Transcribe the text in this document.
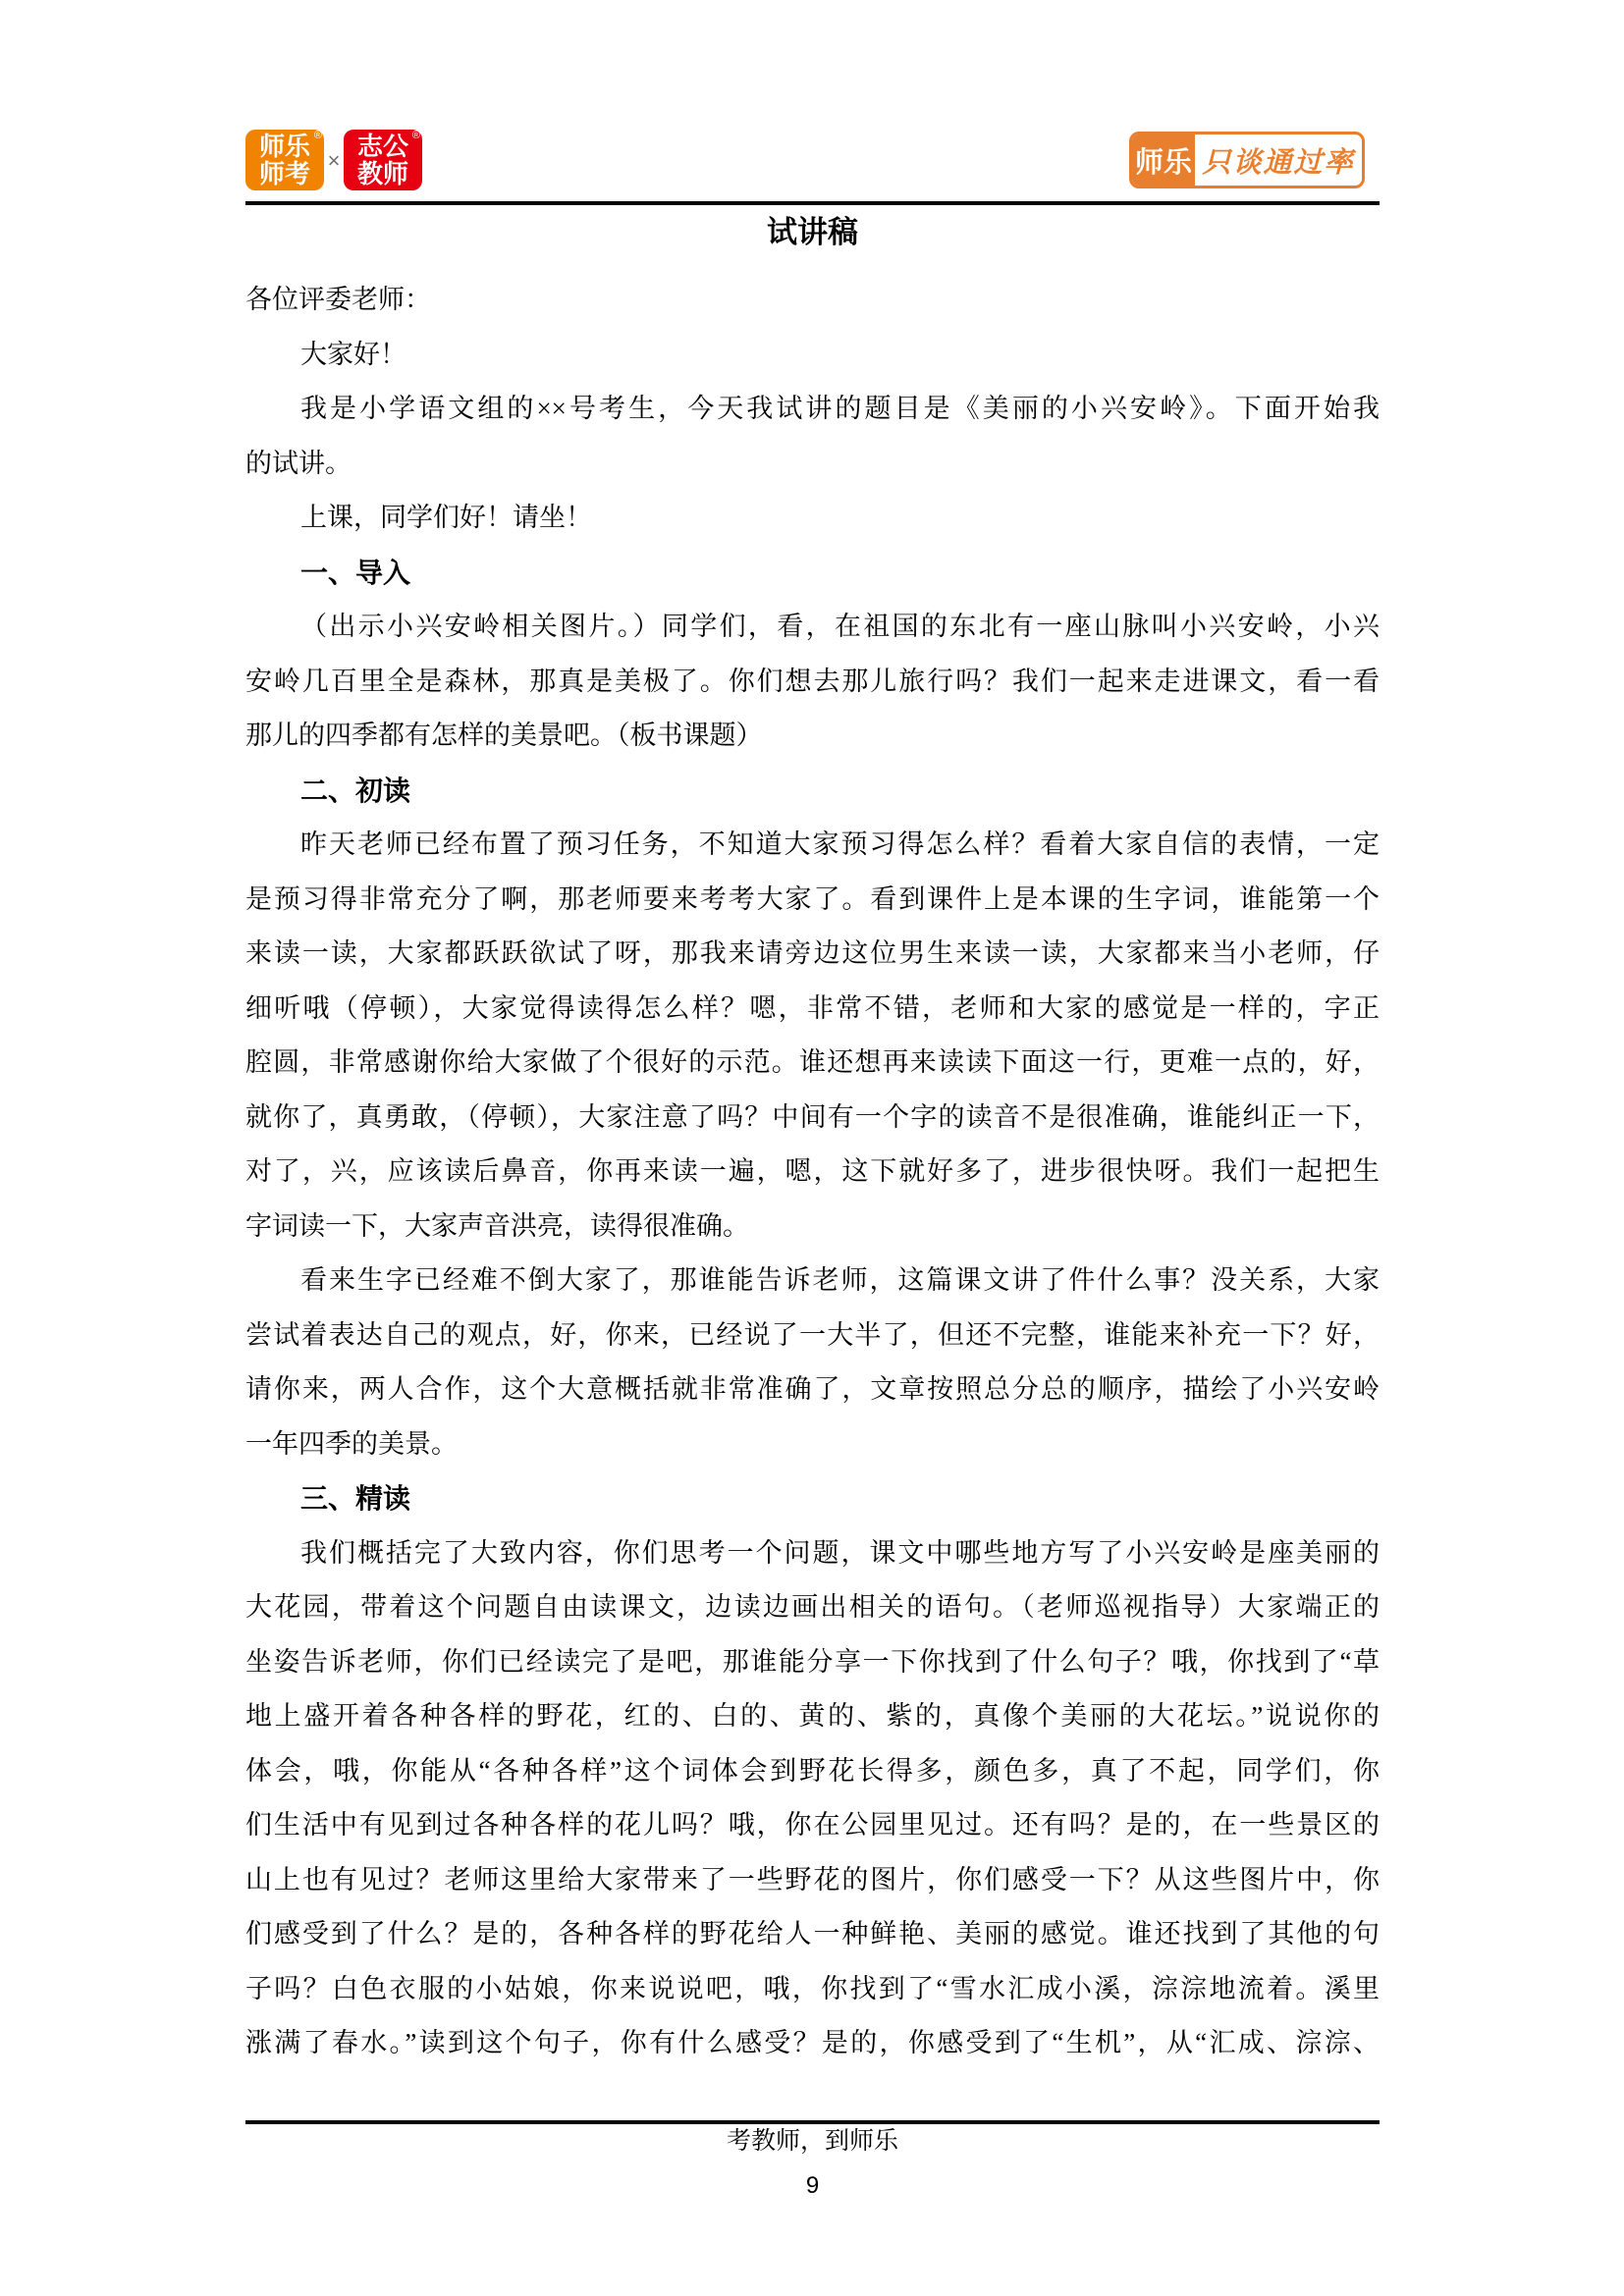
师乐
师考
®
× 志公
教师
®
师乐 只谈通过率
试讲稿
各位评委老师：
大家好！
我是小学语文组的××号考生，今天我试讲的题目是《美丽的小兴安岭》。下面开始我
的试讲。
上课，同学们好！请坐！
一、导入
（出示小兴安岭相关图片。）同学们，看，在祖国的东北有一座山脉叫小兴安岭，小兴
安岭几百里全是森林，那真是美极了。你们想去那儿旅行吗？我们一起来走进课文，看一看
那儿的四季都有怎样的美景吧。（板书课题）
二、初读
昨天老师已经布置了预习任务，不知道大家预习得怎么样？看着大家自信的表情，一定
是预习得非常充分了啊，那老师要来考考大家了。看到课件上是本课的生字词，谁能第一个
来读一读，大家都跃跃欲试了呀，那我来请旁边这位男生来读一读，大家都来当小老师，仔
细听哦（停顿），大家觉得读得怎么样？嗯，非常不错，老师和大家的感觉是一样的，字正
腔圆，非常感谢你给大家做了个很好的示范。谁还想再来读读下面这一行，更难一点的，好，
就你了，真勇敢，（停顿），大家注意了吗？中间有一个字的读音不是很准确，谁能纠正一下，
对了，兴，应该读后鼻音，你再来读一遍，嗯，这下就好多了，进步很快呀。我们一起把生
字词读一下，大家声音洪亮，读得很准确。
看来生字已经难不倒大家了，那谁能告诉老师，这篇课文讲了件什么事？没关系，大家
尝试着表达自己的观点，好，你来，已经说了一大半了，但还不完整，谁能来补充一下？好，
请你来，两人合作，这个大意概括就非常准确了，文章按照总分总的顺序，描绘了小兴安岭
一年四季的美景。
三、精读
我们概括完了大致内容，你们思考一个问题，课文中哪些地方写了小兴安岭是座美丽的
大花园，带着这个问题自由读课文，边读边画出相关的语句。（老师巡视指导）大家端正的
坐姿告诉老师，你们已经读完了是吧，那谁能分享一下你找到了什么句子？哦，你找到了“草
地上盛开着各种各样的野花，红的、白的、黄的、紫的，真像个美丽的大花坛。”说说你的
体会，哦，你能从“各种各样”这个词体会到野花长得多，颜色多，真了不起，同学们，你
们生活中有见到过各种各样的花儿吗？哦，你在公园里见过。还有吗？是的，在一些景区的
山上也有见过？老师这里给大家带来了一些野花的图片，你们感受一下？从这些图片中，你
们感受到了什么？是的，各种各样的野花给人一种鲜艳、美丽的感觉。谁还找到了其他的句
子吗？白色衣服的小姑娘，你来说说吧，哦，你找到了“雪水汇成小溪，淙淙地流着。溪里
涨满了春水。”读到这个句子，你有什么感受？是的，你感受到了“生机”，从“汇成、淙淙、
考教师，到师乐
9
